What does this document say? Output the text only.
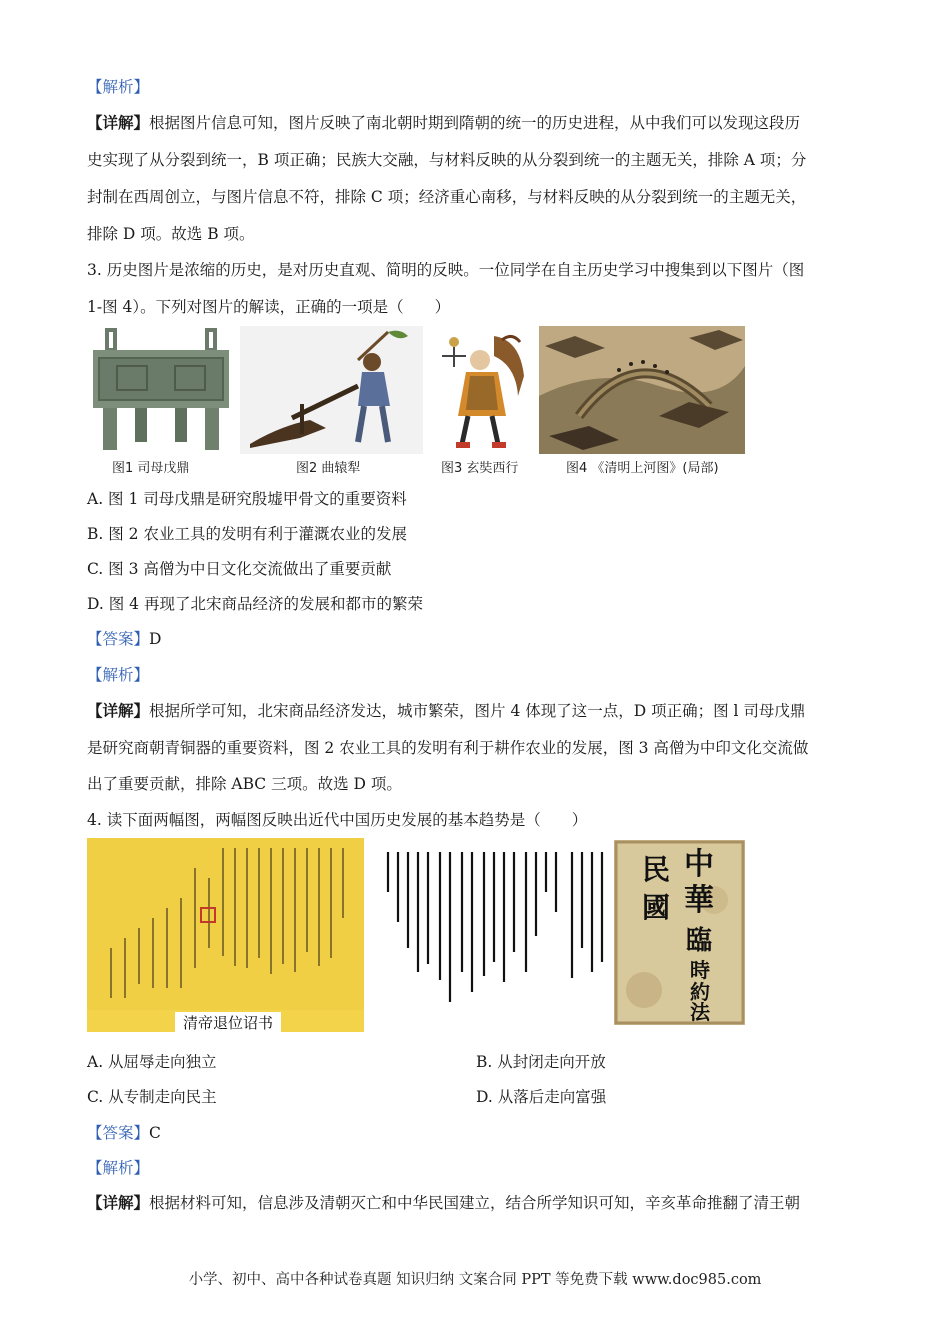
【解析】
【详解】根据图片信息可知，图片反映了南北朝时期到隋朝的统一的历史进程，从中我们可以发现这段历
史实现了从分裂到统一，B 项正确；民族大交融，与材料反映的从分裂到统一的主题无关，排除 A 项；分
封制在西周创立，与图片信息不符，排除 C 项；经济重心南移，与材料反映的从分裂到统一的主题无关，
排除 D 项。故选 B 项。
3. 历史图片是浓缩的历史，是对历史直观、简明的反映。一位同学在自主历史学习中搜集到以下图片（图
1-图 4）。下列对图片的解读，正确的一项是（　　）
图1 司母戊鼎	图2 曲辕犁	图3 玄奘西行	图4 《清明上河图》(局部)
A. 图 1 司母戊鼎是研究殷墟甲骨文的重要资料
B. 图 2 农业工具的发明有利于灌溉农业的发展
C. 图 3 高僧为中日文化交流做出了重要贡献
D. 图 4 再现了北宋商品经济的发展和都市的繁荣
【答案】D
【解析】
【详解】根据所学可知，北宋商品经济发达，城市繁荣，图片 4 体现了这一点，D 项正确；图 l 司母戊鼎
是研究商朝青铜器的重要资料，图 2 农业工具的发明有利于耕作农业的发展，图 3 高僧为中印文化交流做
出了重要贡献，排除 ABC 三项。故选 D 项。
4. 读下面两幅图，两幅图反映出近代中国历史发展的基本趋势是（　　）
清帝退位诏书
中
華
民
國
臨
時
約
法
A. 从屈辱走向独立	B. 从封闭走向开放
C. 从专制走向民主	D. 从落后走向富强
【答案】C
【解析】
【详解】根据材料可知，信息涉及清朝灭亡和中华民国建立，结合所学知识可知，辛亥革命推翻了清王朝
小学、初中、高中各种试卷真题 知识归纳 文案合同 PPT 等免费下载 www.doc985.com
